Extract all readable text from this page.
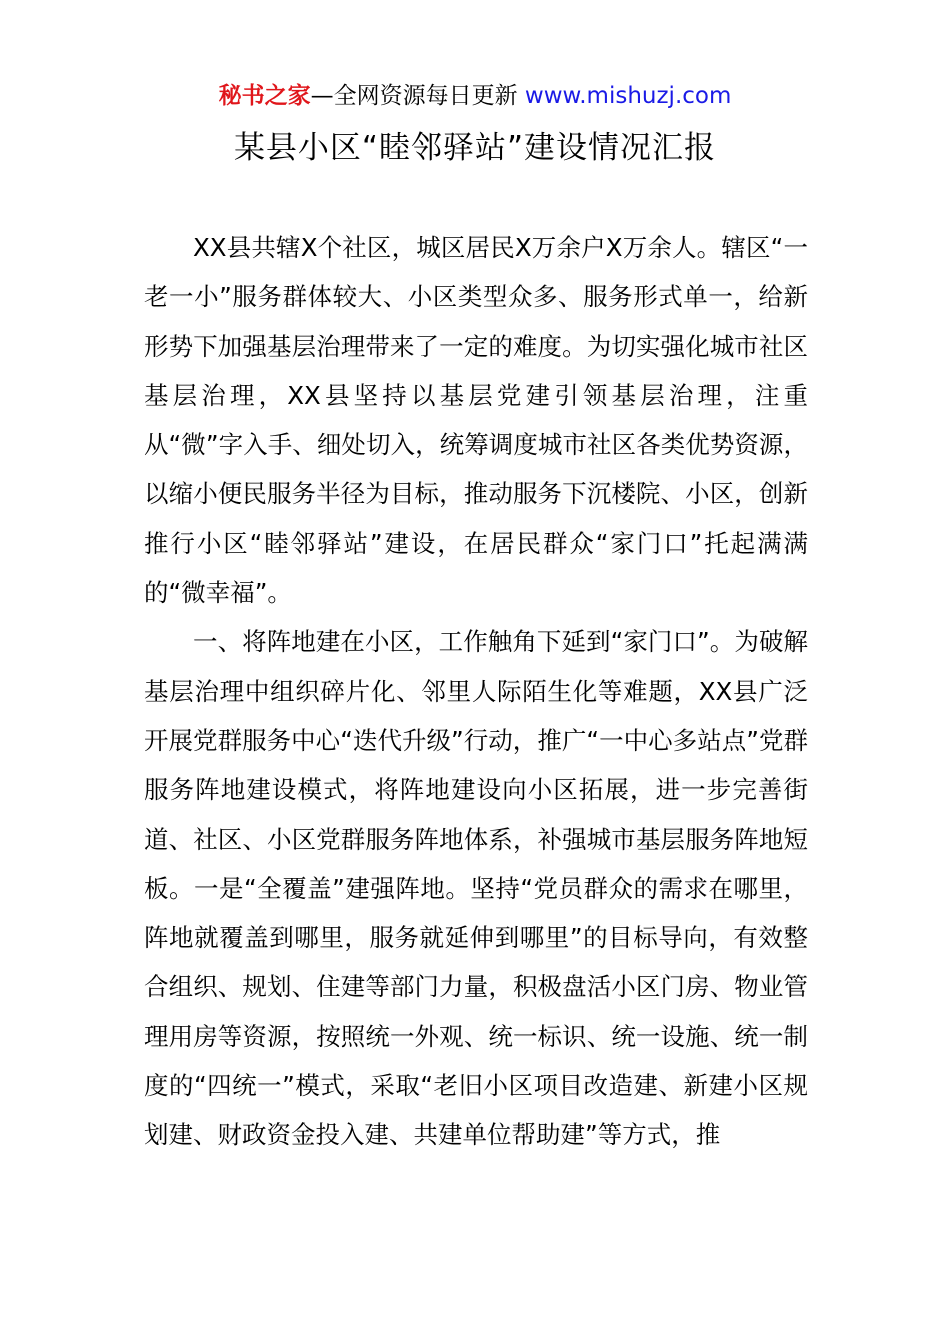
秘书之家—全网资源每日更新 www.mishuzj.com
某县小区“睦邻驿站”建设情况汇报

XX县共辖X个社区，城区居民X万余户X万余人。辖区“一老一小”服务群体较大、小区类型众多、服务形式单一，给新形势下加强基层治理带来了一定的难度。为切实强化城市社区基层治理，XX县坚持以基层党建引领基层治理，注重从“微”字入手、细处切入，统筹调度城市社区各类优势资源，以缩小便民服务半径为目标，推动服务下沉楼院、小区，创新推行小区“睦邻驿站”建设，在居民群众“家门口”托起满满的“微幸福”。

一、将阵地建在小区，工作触角下延到“家门口”。为破解基层治理中组织碎片化、邻里人际陌生化等难题，XX县广泛开展党群服务中心“迭代升级”行动，推广“一中心多站点”党群服务阵地建设模式，将阵地建设向小区拓展，进一步完善街道、社区、小区党群服务阵地体系，补强城市基层服务阵地短板。一是“全覆盖”建强阵地。坚持“党员群众的需求在哪里，阵地就覆盖到哪里，服务就延伸到哪里”的目标导向，有效整合组织、规划、住建等部门力量，积极盘活小区门房、物业管理用房等资源，按照统一外观、统一标识、统一设施、统一制度的“四统一”模式，采取“老旧小区项目改造建、新建小区规划建、财政资金投入建、共建单位帮助建”等方式，推
